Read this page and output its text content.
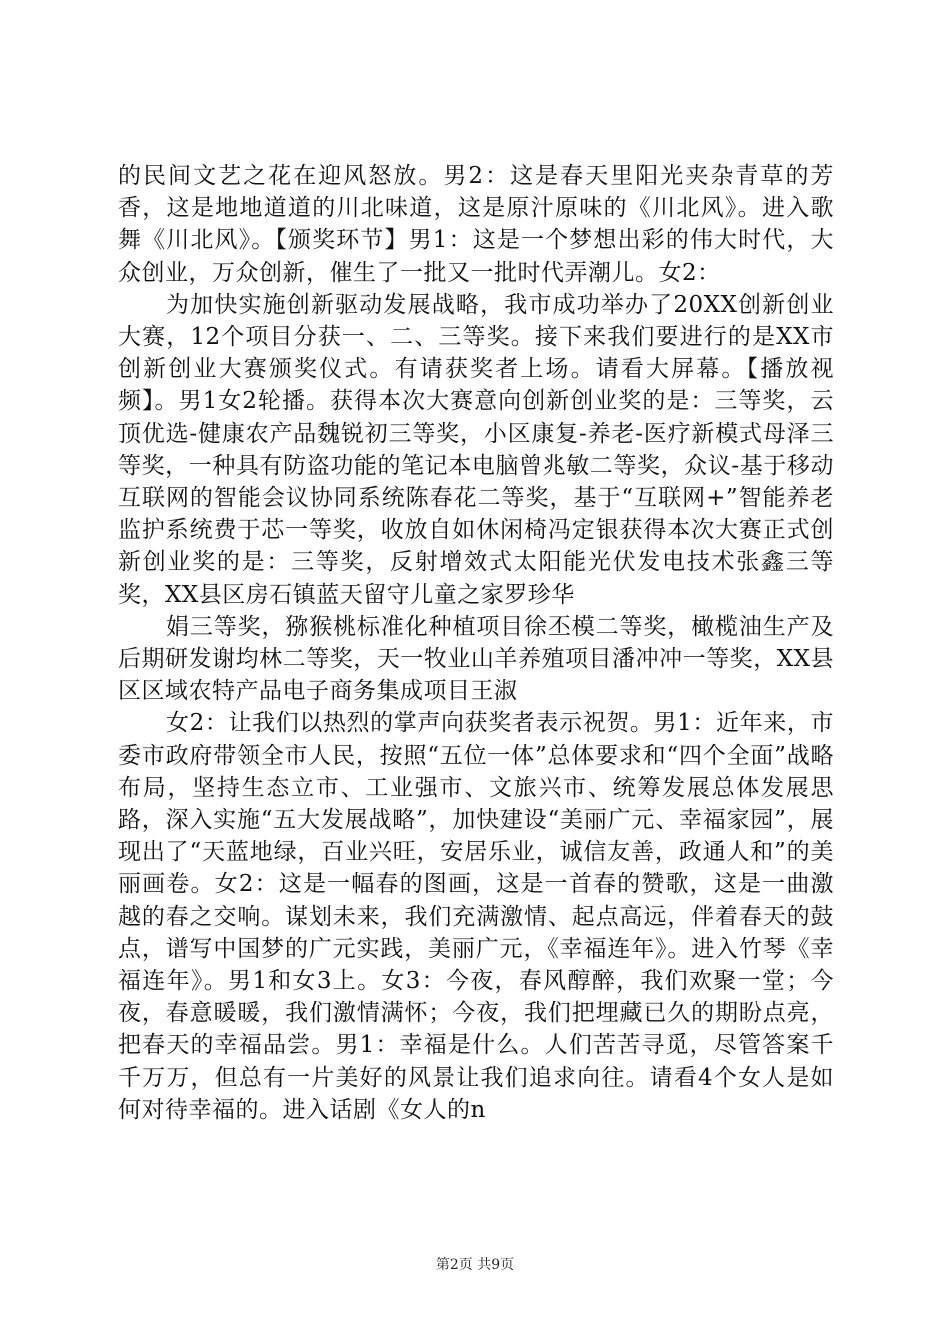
的民间文艺之花在迎风怒放。男2：这是春天里阳光夹杂青草的芳香，这是地地道道的川北味道，这是原汁原味的《川北风》。进入歌舞《川北风》。【颁奖环节】男1：这是一个梦想出彩的伟大时代，大众创业，万众创新，催生了一批又一批时代弄潮儿。女2：

为加快实施创新驱动发展战略，我市成功举办了20XX创新创业大赛，12个项目分获一、二、三等奖。接下来我们要进行的是XX市创新创业大赛颁奖仪式。有请获奖者上场。请看大屏幕。【播放视频】。男1女2轮播。获得本次大赛意向创新创业奖的是：三等奖，云顶优选-健康农产品魏锐初三等奖，小区康复-养老-医疗新模式母泽三等奖，一种具有防盗功能的笔记本电脑曾兆敏二等奖，众议-基于移动互联网的智能会议协同系统陈春花二等奖，基于“互联网+”智能养老监护系统费于芯一等奖，收放自如休闲椅冯定银获得本次大赛正式创新创业奖的是：三等奖，反射增效式太阳能光伏发电技术张鑫三等奖，XX县区房石镇蓝天留守儿童之家罗珍华

娟三等奖，猕猴桃标准化种植项目徐丕模二等奖，橄榄油生产及后期研发谢均林二等奖，天一牧业山羊养殖项目潘冲冲一等奖，XX县区区域农特产品电子商务集成项目王淑

女2：让我们以热烈的掌声向获奖者表示祝贺。男1：近年来，市委市政府带领全市人民，按照“五位一体”总体要求和“四个全面”战略布局，坚持生态立市、工业强市、文旅兴市、统筹发展总体发展思路，深入实施“五大发展战略”，加快建设“美丽广元、幸福家园”，展现出了“天蓝地绿，百业兴旺，安居乐业，诚信友善，政通人和”的美丽画卷。女2：这是一幅春的图画，这是一首春的赞歌，这是一曲激越的春之交响。谋划未来，我们充满激情、起点高远，伴着春天的鼓点，谱写中国梦的广元实践，美丽广元，《幸福连年》。进入竹琴《幸福连年》。男1和女3上。女3：今夜，春风醇醉，我们欢聚一堂；今夜，春意暖暖，我们激情满怀；今夜，我们把埋藏已久的期盼点亮，把春天的幸福品尝。男1：幸福是什么。人们苦苦寻觅，尽管答案千千万万，但总有一片美好的风景让我们追求向往。请看4个女人是如何对待幸福的。进入话剧《女人的n

第2页 共9页
